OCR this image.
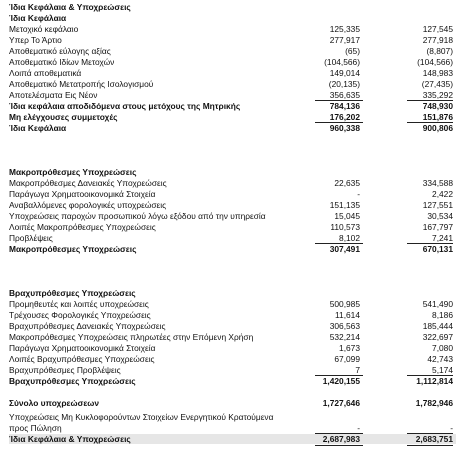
Ίδια Κεφάλαια & Υποχρεώσεις
Ίδια Κεφάλαια
Μετοχικό κεφάλαιο	125,335	127,545
Υπερ Το Άρτιο	277,917	277,918
Αποθεματικό εύλογης αξίας	(65)	(8,807)
Αποθεματικό Ιδίων Μετοχών	(104,566)	(104,566)
Λοιπά αποθεματικά	149,014	148,983
Αποθεματικό Μετατροπής Ισολογισμού	(20,135)	(27,435)
Αποτελέσματα Εις Νέον	356,635	335,292
Ίδια κεφάλαια αποδιδόμενα στους μετόχους της Μητρικής	784,136	748,930
Μη ελέγχουσες συμμετοχές	176,202	151,876
Ίδια Κεφάλαια	960,338	900,806
Μακροπρόθεσμες Υποχρεώσεις
Μακροπρόθεσμες Δανειακές Υποχρεώσεις	22,635	334,588
Παράγωγα Χρηματοοικονομικά Στοιχεία	-	2,422
Αναβαλλόμενες φορολογικές υποχρεώσεις	151,135	127,551
Υποχρεώσεις παροχών προσωπικού λόγω εξόδου από την υπηρεσία	15,045	30,534
Λοιπές Μακροπρόθεσμες Υποχρεώσεις	110,573	167,797
Προβλέψεις	8,102	7,241
Μακροπρόθεσμες Υποχρεώσεις	307,491	670,131
Βραχυπρόθεσμες Υποχρεώσεις
Προμηθευτές και λοιπές υποχρεώσεις	500,985	541,490
Τρέχουσες Φορολογικές Υποχρεώσεις	11,614	8,186
Βραχυπρόθεσμες Δανειακές Υποχρεώσεις	306,563	185,444
Μακροπρόθεσμες Υποχρεώσεις πληρωτέες στην Επόμενη Χρήση	532,214	322,697
Παράγωγα Χρηματοοικονομικά Στοιχεία	1,673	7,080
Λοιπές Βραχυπρόθεσμες Υποχρεώσεις	67,099	42,743
Βραχυπρόθεσμες Προβλέψεις	7	5,174
Βραχυπρόθεσμες Υποχρεώσεις	1,420,155	1,112,814
Σύνολο υποχρεώσεων	1,727,646	1,782,946
Υποχρεώσεις Μη Κυκλοφορούντων Στοιχείων Ενεργητικού Κρατούμενα
προς Πώληση	-	-
Ίδια Κεφάλαια & Υποχρεώσεις	2,687,983	2,683,751
